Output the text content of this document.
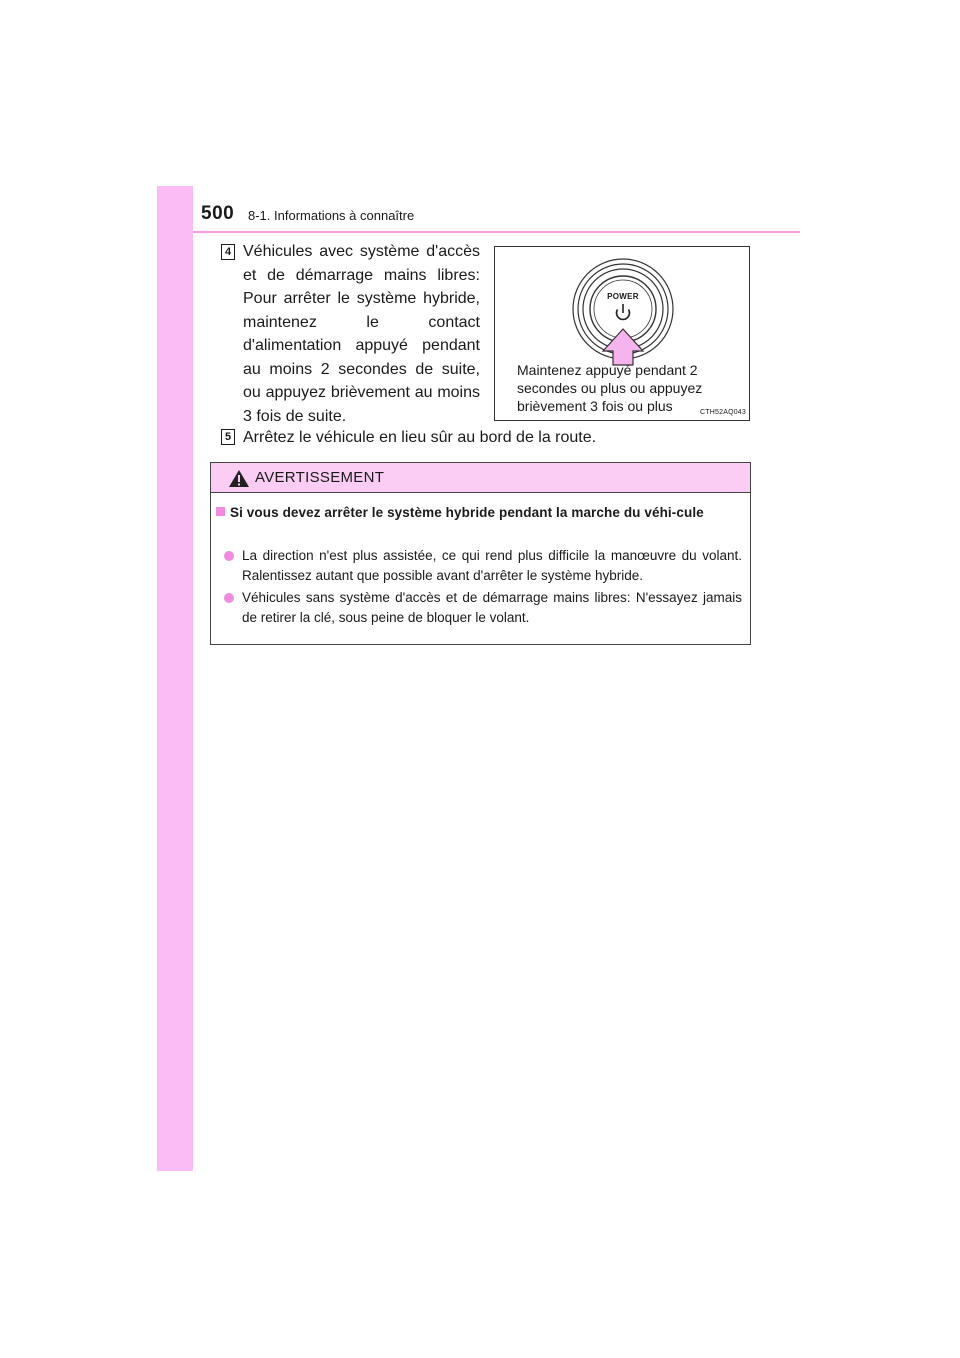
500 8-1. Informations à connaître
4 Véhicules avec système d'accès et de démarrage mains libres: Pour arrêter le système hybride, maintenez le contact d'alimentation appuyé pendant au moins 2 secondes de suite, ou appuyez brièvement au moins 3 fois de suite.
POWER
Maintenez appuyé pendant 2 secondes ou plus ou appuyez brièvement 3 fois ou plus	CTH52AQ043
5 Arrêtez le véhicule en lieu sûr au bord de la route.
AVERTISSEMENT
Si vous devez arrêter le système hybride pendant la marche du véhi-cule
La direction n'est plus assistée, ce qui rend plus difficile la manœuvre du volant. Ralentissez autant que possible avant d'arrêter le système hybride.
Véhicules sans système d'accès et de démarrage mains libres: N'essayez jamais de retirer la clé, sous peine de bloquer le volant.
